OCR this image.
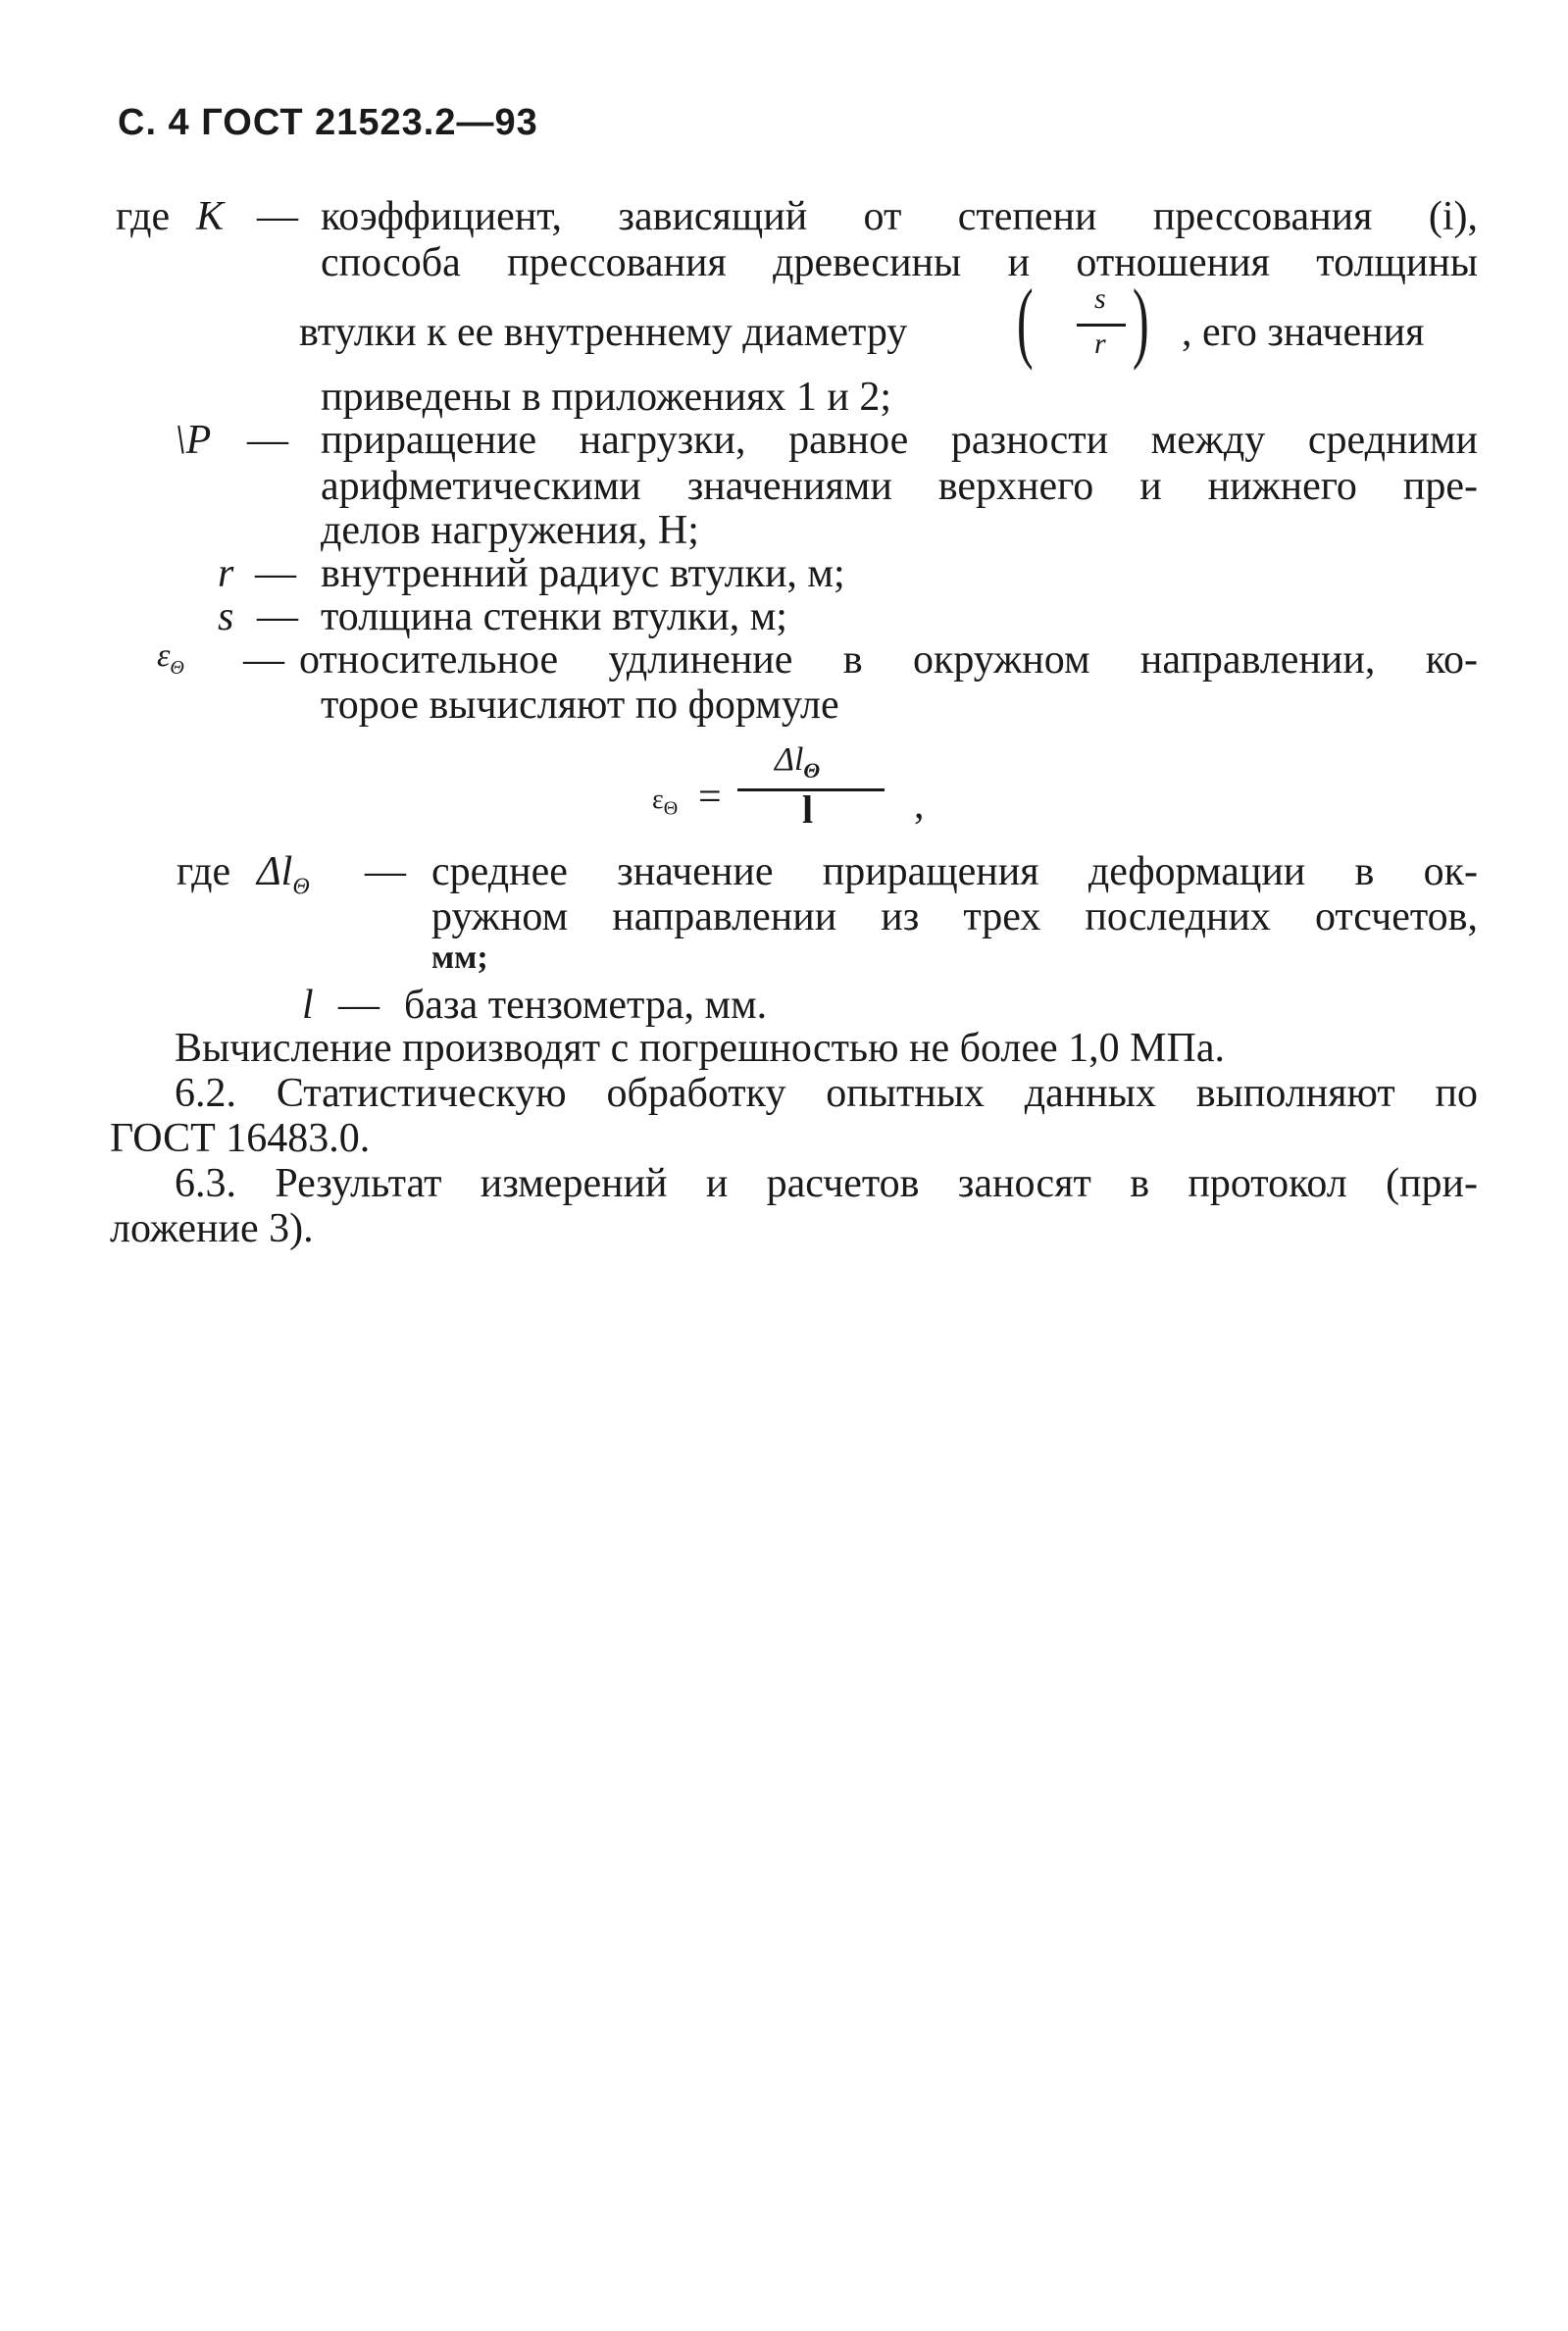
С. 4 ГОСТ 21523.2—93
где K — коэффициент, зависящий от степени прессования (i),
способа прессования древесины и отношения толщины
втулки к ее внутреннему диаметру ( s
r ) , его значения
приведены в приложениях 1 и 2;
\P — приращение нагрузки, равное разности между средними
арифметическими значениями верхнего и нижнего пре-
делов нагружения, Н;
r — внутренний радиус втулки, м;
s — толщина стенки втулки, м;
$\varepsilon_\Theta$ — относительное удлинение в окружном направлении, ко-
торое вычисляют по формуле
$\varepsilon_\Theta$ =
$\Delta l_\Theta$
l ,
где $\Delta l_\Theta$ — среднее значение приращения деформации в ок-
ружном направлении из трех последних отсчетов,
мм;
l — база тензометра, мм.
Вычисление производят с погрешностью не более 1,0 МПа.
6.2. Статистическую обработку опытных данных выполняют по
ГОСТ 16483.0.
6.3. Результат измерений и расчетов заносят в протокол (при-
ложение 3).
